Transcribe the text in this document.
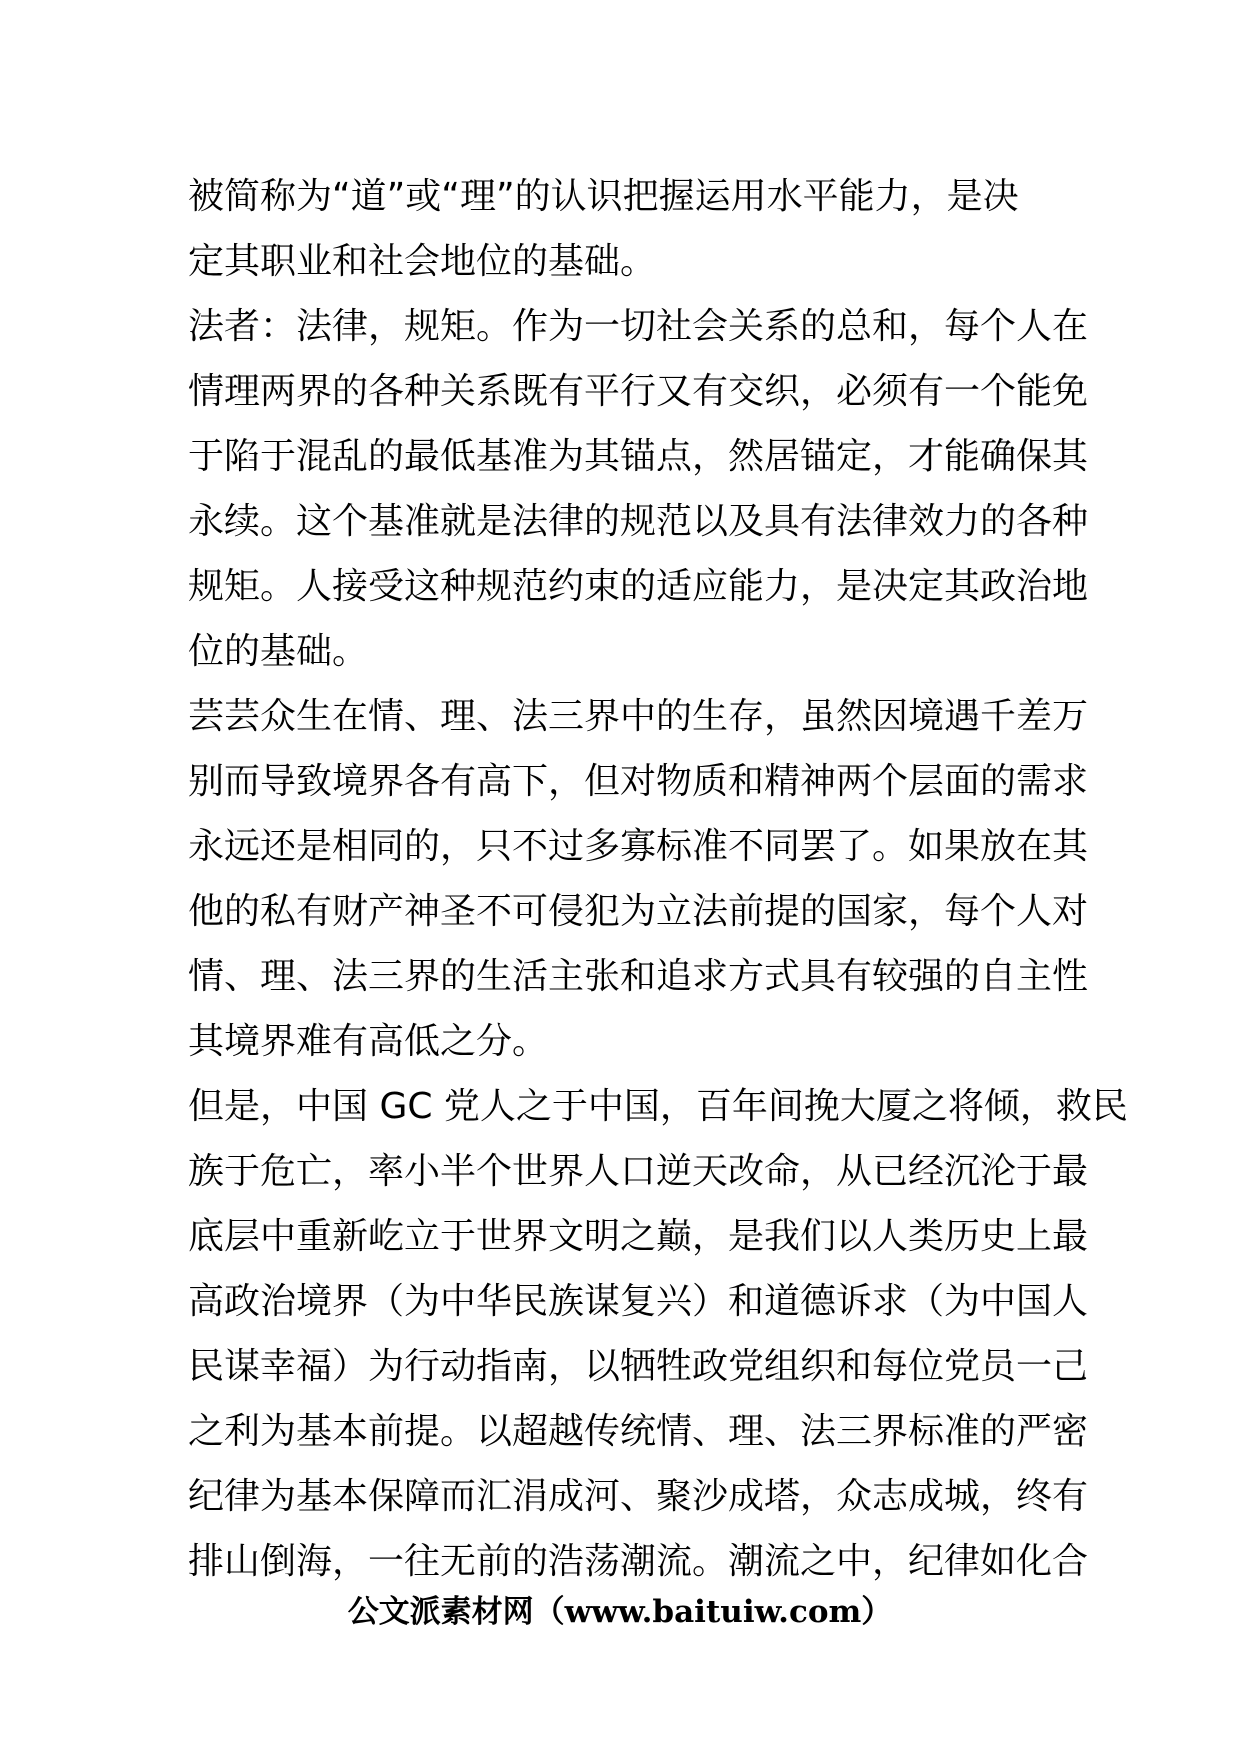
被简称为“道”或“理”的认识把握运用水平能力，是决
定其职业和社会地位的基础。
法者：法律，规矩。作为一切社会关系的总和，每个人在
情理两界的各种关系既有平行又有交织，必须有一个能免
于陷于混乱的最低基准为其锚点，然居锚定，才能确保其
永续。这个基准就是法律的规范以及具有法律效力的各种
规矩。人接受这种规范约束的适应能力，是决定其政治地
位的基础。
芸芸众生在情、理、法三界中的生存，虽然因境遇千差万
别而导致境界各有高下，但对物质和精神两个层面的需求
永远还是相同的，只不过多寡标准不同罢了。如果放在其
他的私有财产神圣不可侵犯为立法前提的国家，每个人对
情、理、法三界的生活主张和追求方式具有较强的自主性
其境界难有高低之分。
但是，中国 GC 党人之于中国，百年间挽大厦之将倾，救民
族于危亡，率小半个世界人口逆天改命，从已经沉沦于最
底层中重新屹立于世界文明之巅，是我们以人类历史上最
高政治境界（为中华民族谋复兴）和道德诉求（为中国人
民谋幸福）为行动指南，以牺牲政党组织和每位党员一己
之利为基本前提。以超越传统情、理、法三界标准的严密
纪律为基本保障而汇涓成河、聚沙成塔，众志成城，终有
排山倒海，一往无前的浩荡潮流。潮流之中，纪律如化合
公文派素材网（www.baituiw.com）
